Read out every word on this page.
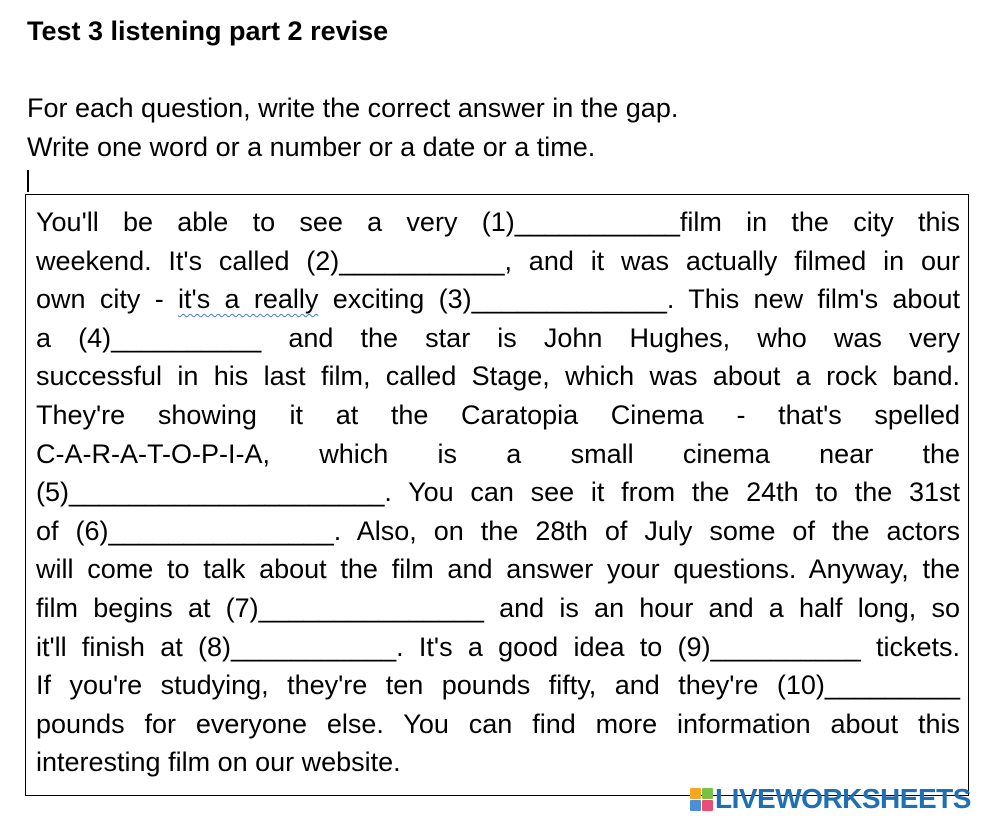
Test 3 listening part 2 revise
For each question, write the correct answer in the gap.
Write one word or a number or a date or a time.
You'll be able to see a very (1)___________film in the city this
weekend. It's called (2)___________, and it was actually filmed in our
own city - it's a really exciting (3)_____________. This new film's about
a (4)__________ and the star is John Hughes, who was very
successful in his last film, called Stage, which was about a rock band.
They're showing it at the Caratopia Cinema - that's spelled
C-A-R-A-T-O-P-I-A, which is a small cinema near the
(5)_____________________. You can see it from the 24th to the 31st
of (6)_______________. Also, on the 28th of July some of the actors
will come to talk about the film and answer your questions. Anyway, the
film begins at (7)_______________ and is an hour and a half long, so
it'll finish at (8)___________. It's a good idea to (9)__________ tickets.
If you're studying, they're ten pounds fifty, and they're (10)_________
pounds for everyone else. You can find more information about this
interesting film on our website.
LIVEWORKSHEETS
